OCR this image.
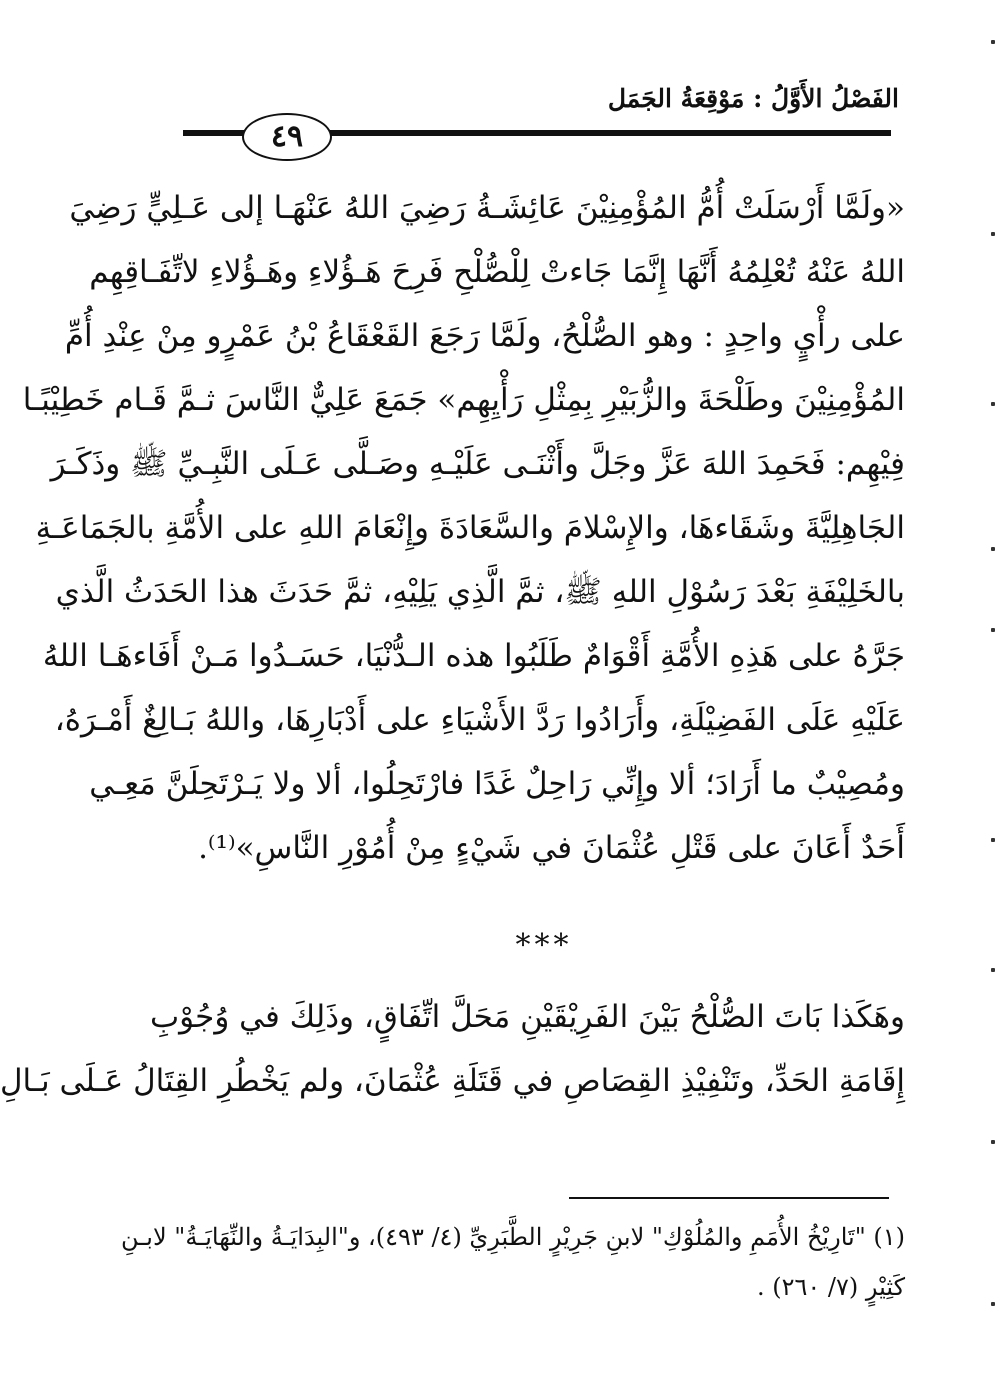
الفَصْلُ الأَوَّلُ : مَوْقِعَةُ الجَمَل
٤٩
«ولَمَّا أَرْسَلَتْ أُمُّ المُؤْمِنِيْنَ عَائِشَـةُ رَضِيَ اللهُ عَنْهَـا إلى عَـلِيٍّ رَضِيَ
اللهُ عَنْهُ تُعْلِمُهُ أَنَّهَا إِنَّمَا جَاءتْ لِلْصُّلْحِ فَرِحَ هَـؤُلاءِ وهَـؤُلاءِ لاتِّفَـاقِهِم
على رأْيٍ واحِدٍ : وهو الصُّلْحُ، ولَمَّا رَجَعَ القَعْقَاعُ بْنُ عَمْرٍو مِنْ عِنْدِ أُمِّ
المُؤْمِنِيْنَ وطَلْحَةَ والزُّبَيْرِ بِمِثْلِ رَأْيِهِم» جَمَعَ عَلِيٌّ النَّاسَ ثـمَّ قَـام خَطِيْبًـا
فِيْهِم: فَحَمِدَ اللهَ عَزَّ وجَلَّ وأَثْنَـى عَلَيْـهِ وصَـلَّى عَـلَى النَّبِـيِّ ﷺ وذَكَـرَ
الجَاهِلِيَّةَ وشَقَاءهَا، والإِسْلامَ والسَّعَادَةَ وإِنْعَامَ اللهِ على الأُمَّةِ بالجَمَاعَـةِ
بالخَلِيْفَةِ بَعْدَ رَسُوْلِ اللهِ ﷺ، ثمَّ الَّذِي يَلِيْهِ، ثمَّ حَدَثَ هذا الحَدَثُ الَّذي
جَرَّهُ على هَذِهِ الأُمَّةِ أَقْوَامٌ طَلَبُوا هذه الـدُّنْيَا، حَسَـدُوا مَـنْ أَفَاءهَـا اللهُ
عَلَيْهِ عَلَى الفَضِيْلَةِ، وأَرَادُوا رَدَّ الأَشْيَاءِ على أَدْبَارِهَا، واللهُ بَـالِغٌ أَمْـرَهُ،
ومُصِيْبٌ ما أَرَادَ؛ ألا وإِنِّي رَاحِلٌ غَدًا فارْتَحِلُوا، ألا ولا يَـرْتَحِلَنَّ مَعِـي
أَحَدٌ أَعَانَ على قَتْلِ عُثْمَانَ في شَيْءٍ مِنْ أُمُوْرِ النَّاسِ»⁽¹⁾.
***
وهَكَذا بَاتَ الصُّلْحُ بَيْنَ الفَرِيْقَيْنِ مَحَلَّ اتِّفَاقٍ، وذَلِكَ في وُجُوْبِ
إِقَامَةِ الحَدِّ، وتَنْفِيْذِ القِصَاصِ في قَتَلَةِ عُثْمَانَ، ولم يَخْطُرِ القِتَالُ عَـلَى بَـالِ
(١) "تَارِيْخُ الأُمَمِ والمُلُوْكِ" لابنِ جَرِيْرٍ الطَّبَرِيِّ (٤/ ٤٩٣)، و"البِدَايَـةُ والنِّهَايَـةُ" لابـنِ
كَثِيْرٍ (٧/ ٢٦٠) .
